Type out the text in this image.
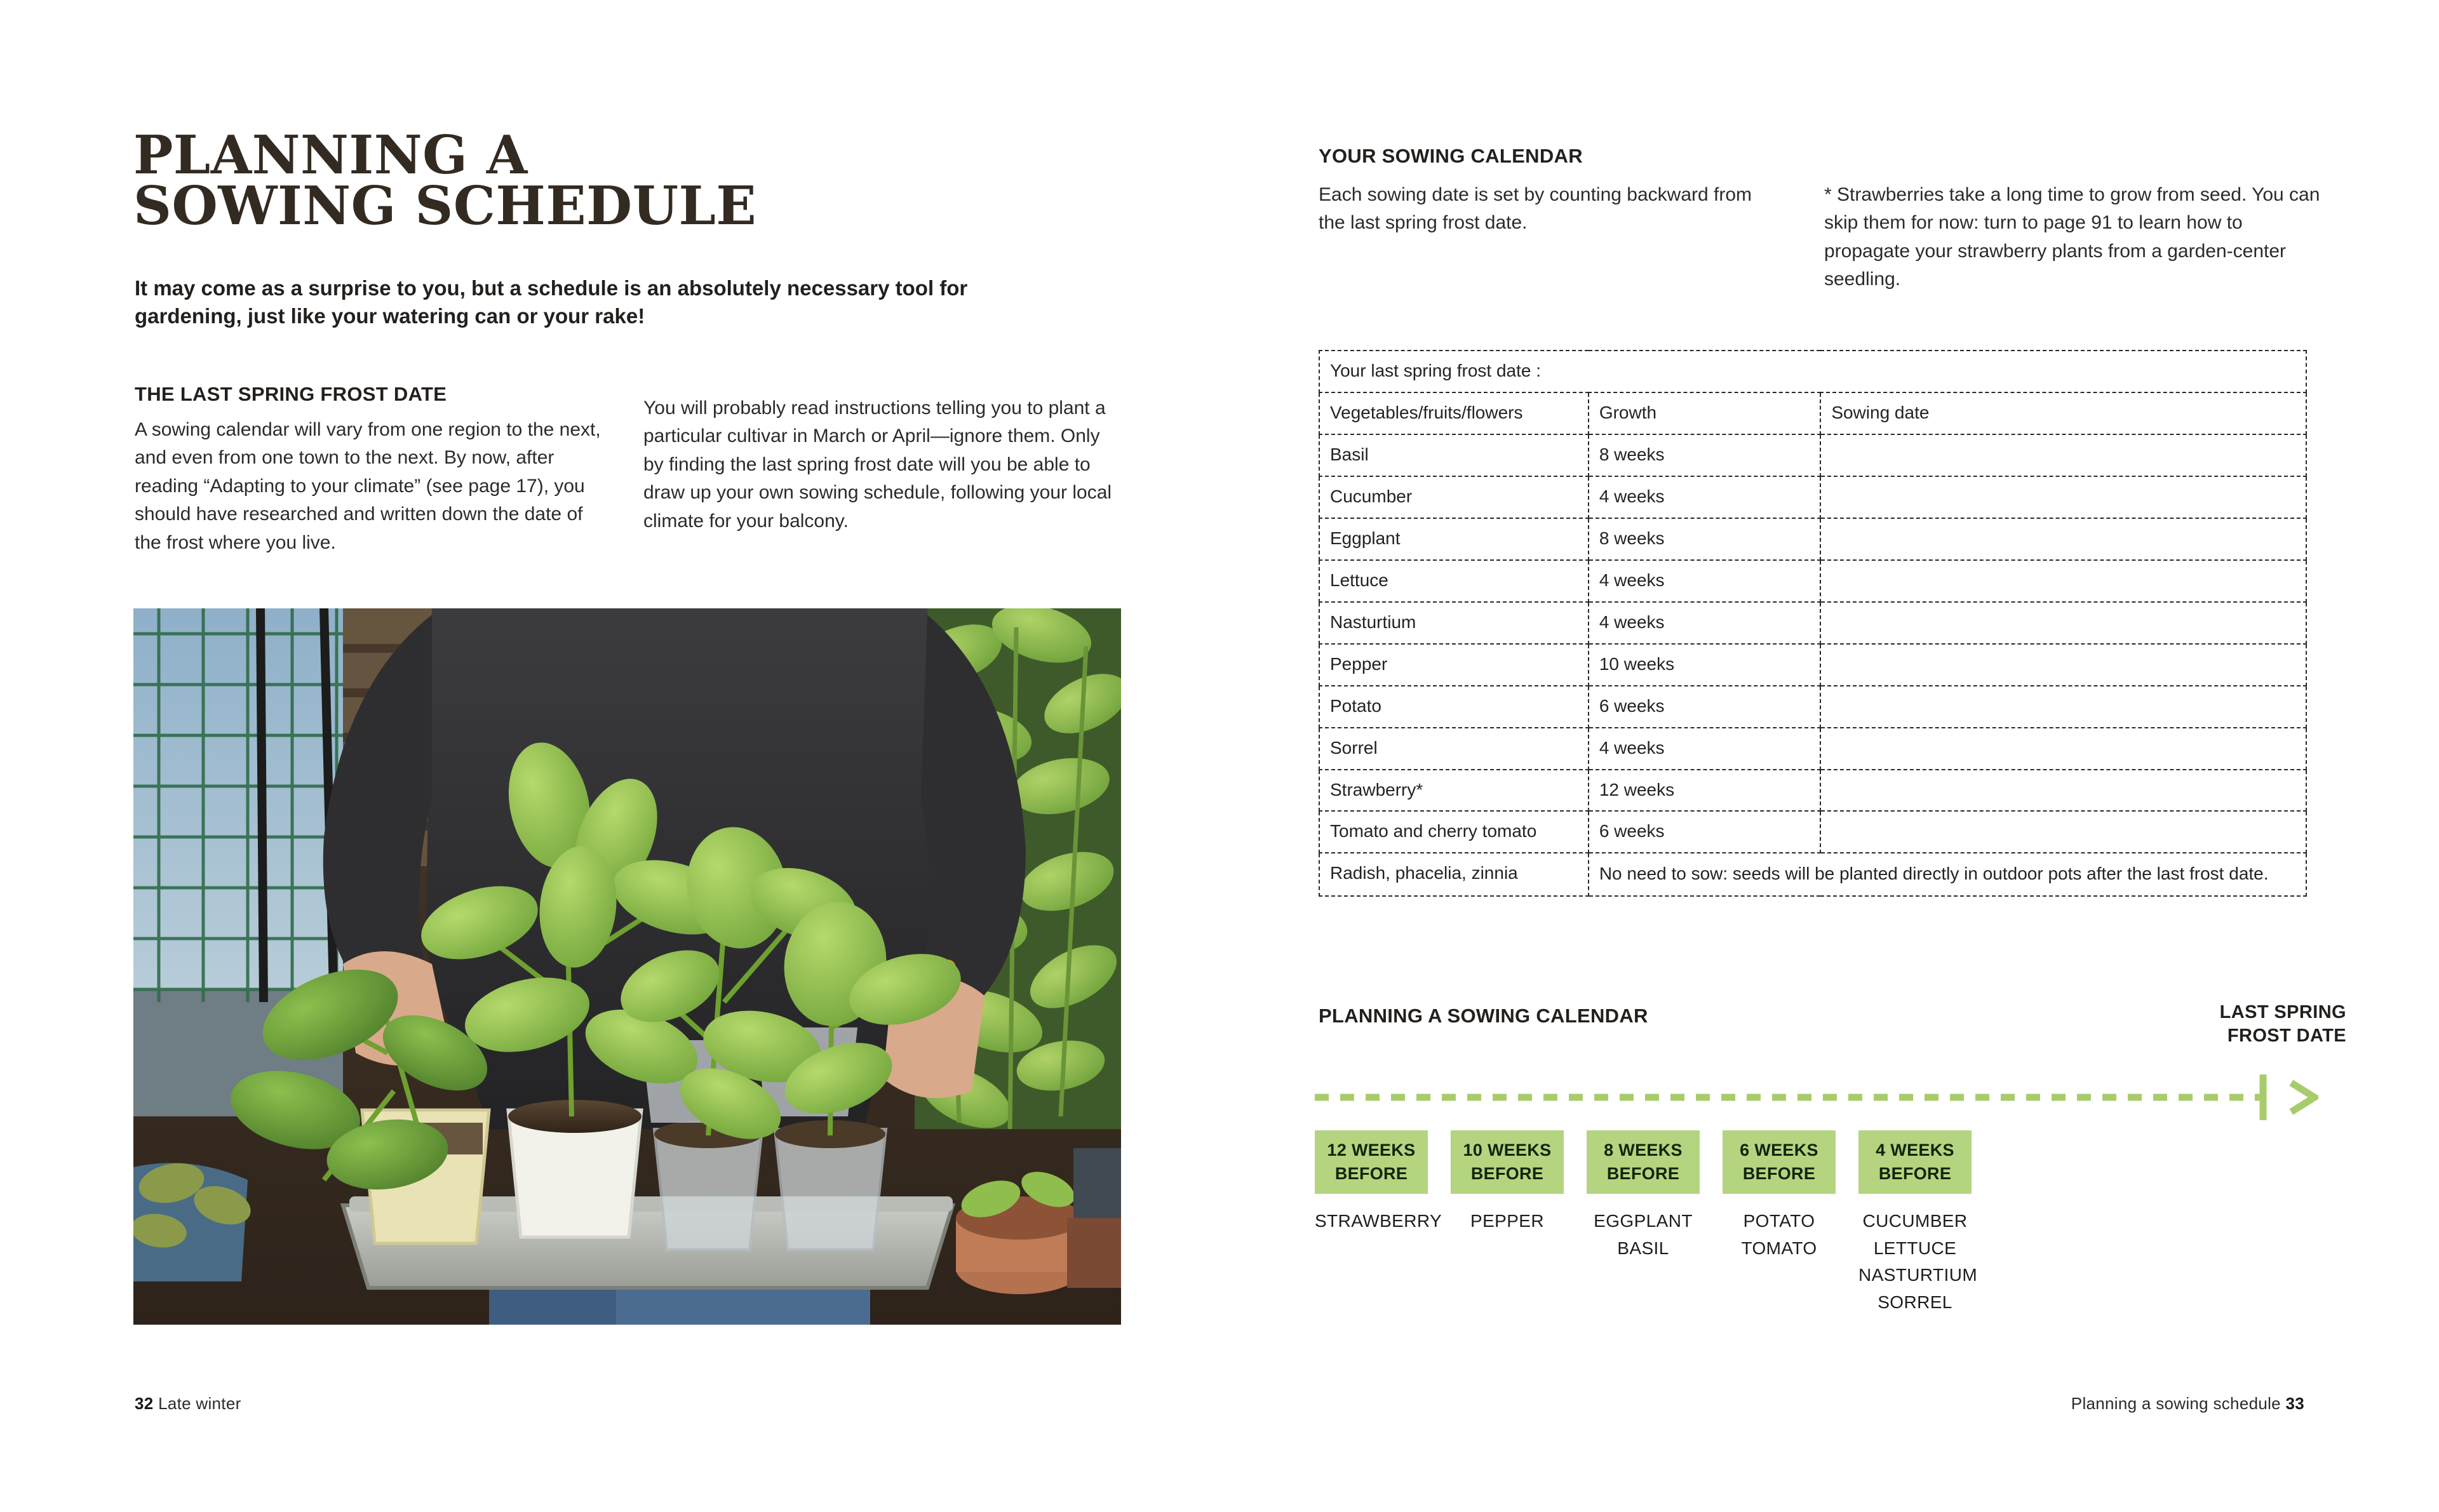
PLANNING A
SOWING SCHEDULE

It may come as a surprise to you, but a schedule is an absolutely necessary tool for gardening, just like your watering can or your rake!

THE LAST SPRING FROST DATE

A sowing calendar will vary from one region to the next, and even from one town to the next. By now, after reading “Adapting to your climate” (see page 17), you should have researched and written down the date of the frost where you live.

You will probably read instructions telling you to plant a particular cultivar in March or April—ignore them. Only by finding the last spring frost date will you be able to draw up your own sowing schedule, following your local climate for your balcony.

32 Late winter
YOUR SOWING CALENDAR

Each sowing date is set by counting backward from the last spring frost date.

* Strawberries take a long time to grow from seed. You can skip them for now: turn to page 91 to learn how to propagate your strawberry plants from a garden-center seedling.

Your last spring frost date :		
Vegetables/fruits/flowers	Growth	Sowing date
Basil	8 weeks	
Cucumber	4 weeks	
Eggplant	8 weeks	
Lettuce	4 weeks	
Nasturtium	4 weeks	
Pepper	10 weeks	
Potato	6 weeks	
Sorrel	4 weeks	
Strawberry*	12 weeks	
Tomato and cherry tomato	6 weeks	
Radish, phacelia, zinnia	No need to sow: seeds will be planted directly in outdoor pots after the last frost date.	
PLANNING A SOWING CALENDAR	LAST SPRING
FROST DATE
12 WEEKS
BEFORE
STRAWBERRY
10 WEEKS
BEFORE
PEPPER
8 WEEKS
BEFORE
EGGPLANT
BASIL
6 WEEKS
BEFORE
POTATO
TOMATO
4 WEEKS
BEFORE
CUCUMBER
LETTUCE
NASTURTIUM
SORREL
Planning a sowing schedule 33
